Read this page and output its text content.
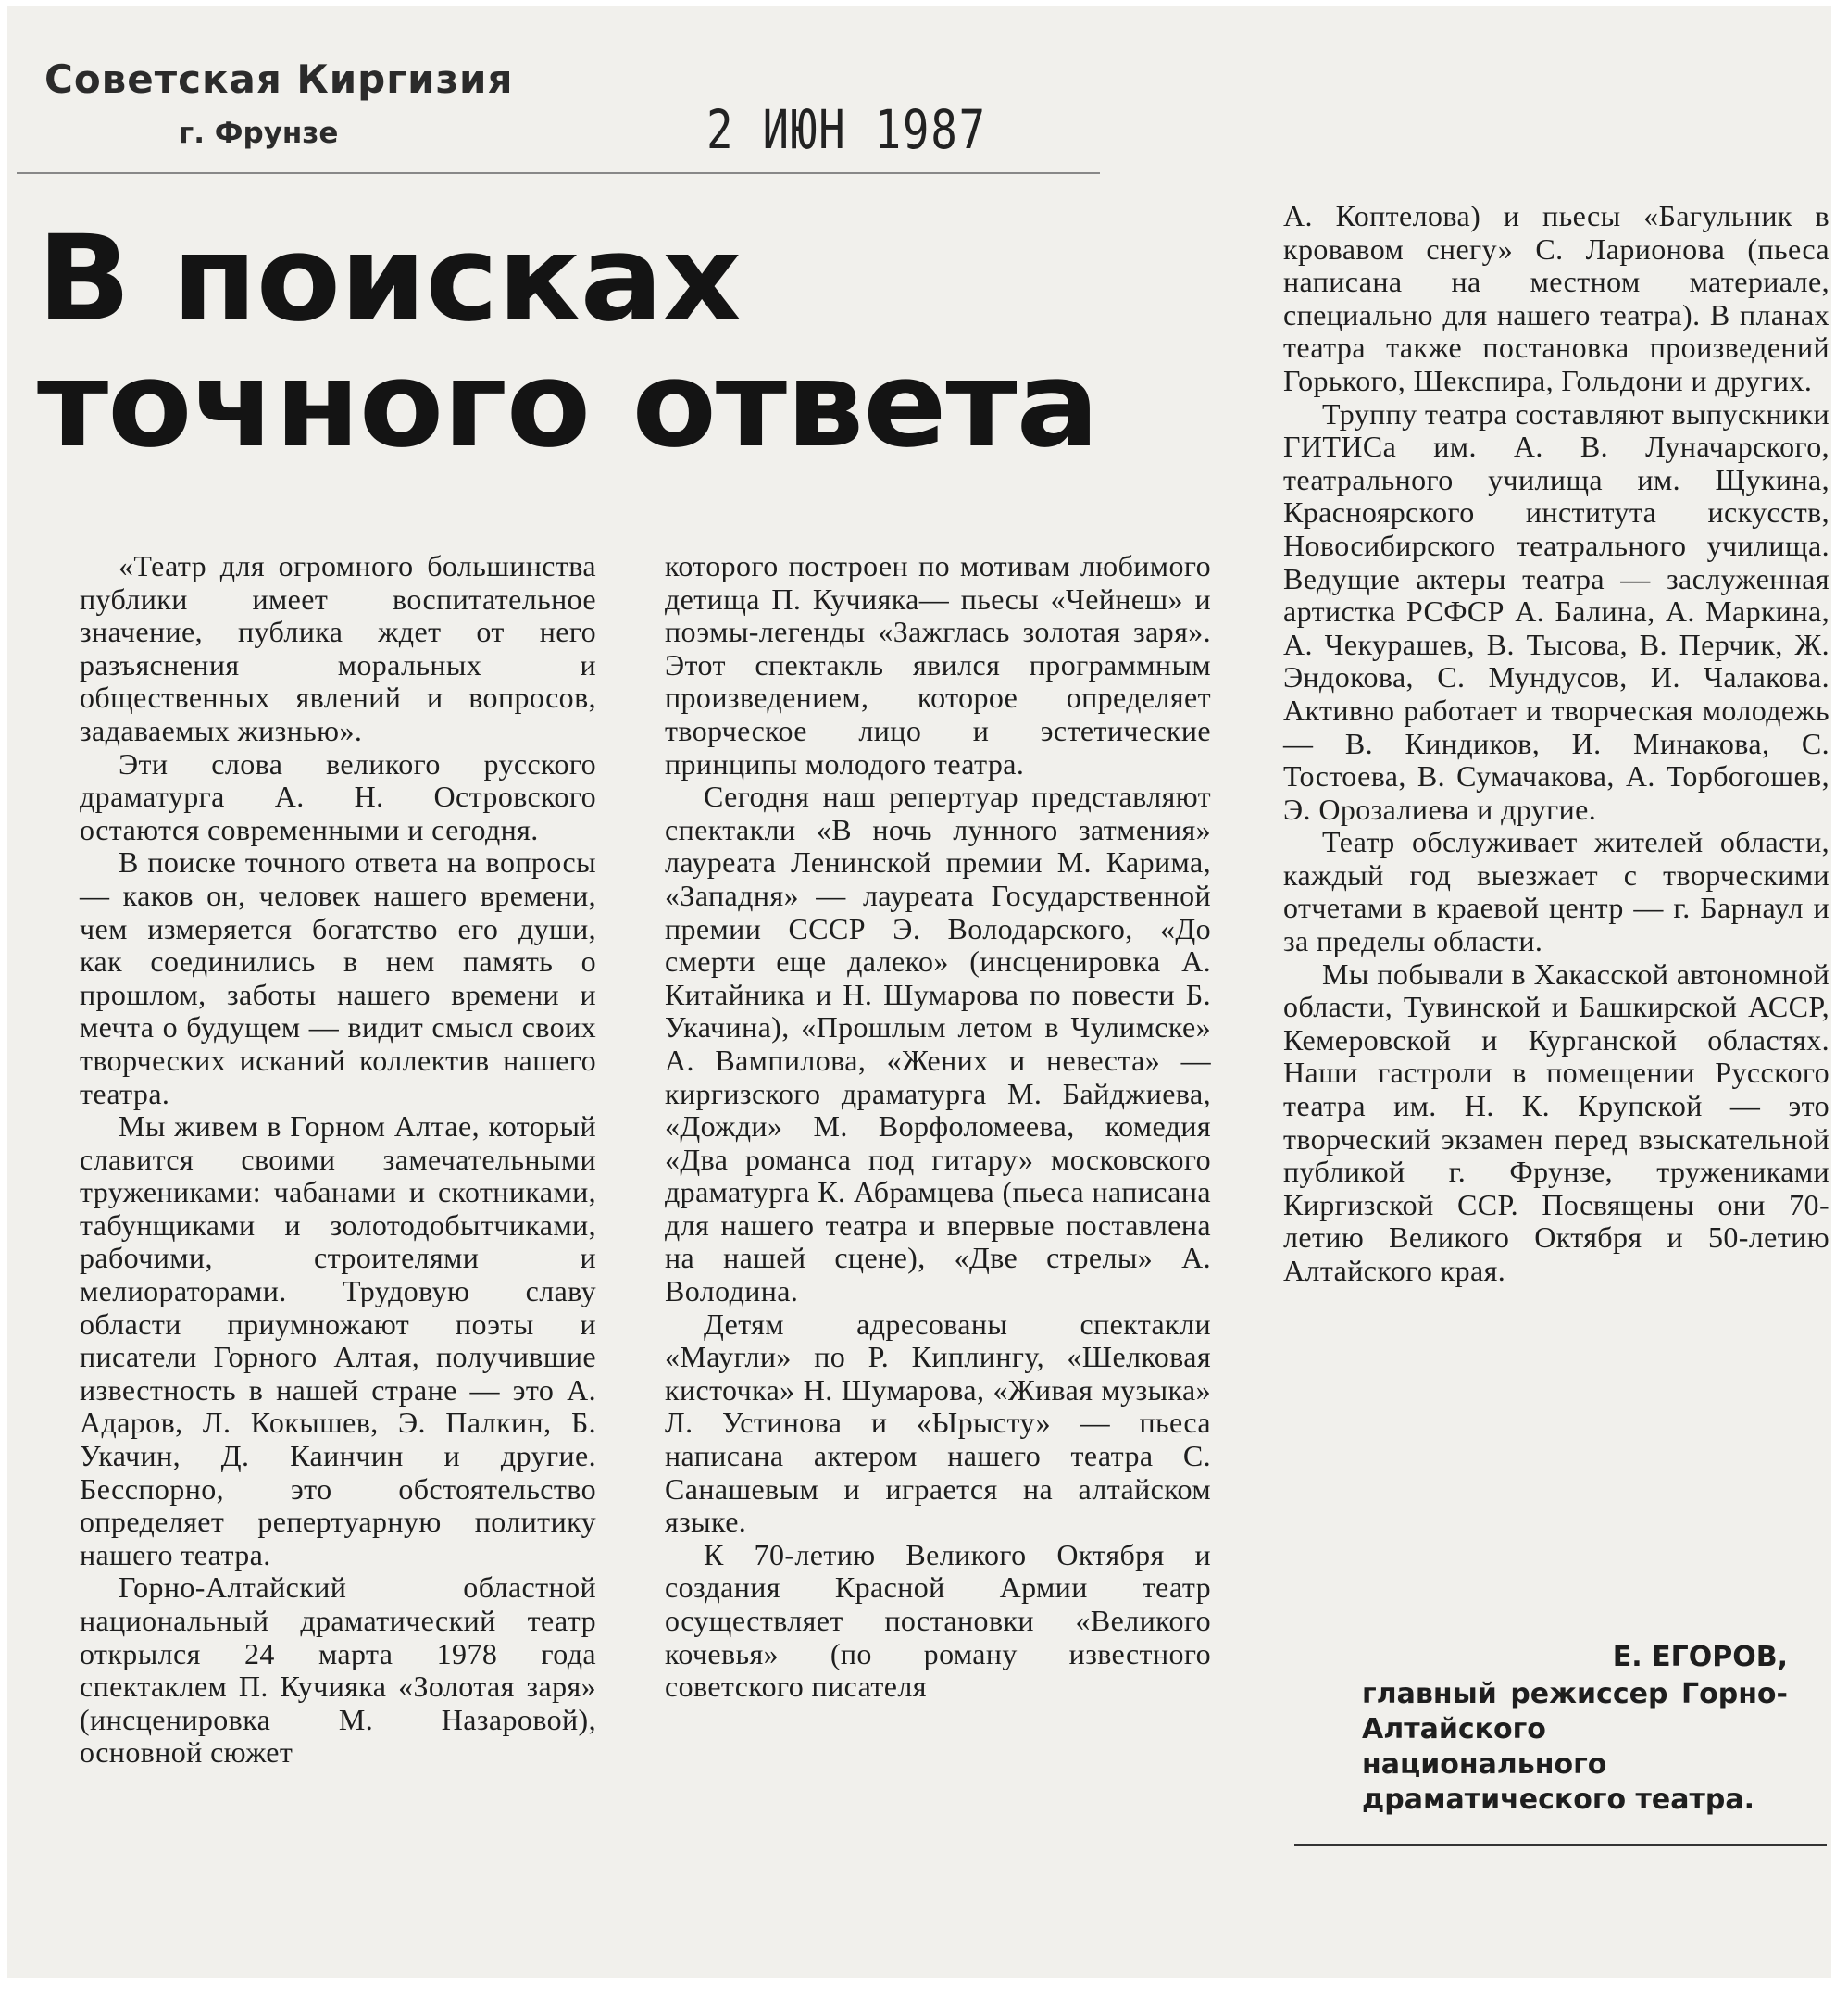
Советская Киргизия
г. Фрунзе	2 ИЮН 1987
В поисках
точного ответа

«Театр для огромного большинства публики имеет воспитательное значение, публика ждет от него разъяснения моральных и общественных явлений и вопросов, задаваемых жизнью».

Эти слова великого русского драматурга А. Н. Островского остаются современными и сегодня.

В поиске точного ответа на вопросы — каков он, человек нашего времени, чем измеряется богатство его души, как соединились в нем память о прошлом, заботы нашего времени и мечта о будущем — видит смысл своих творческих исканий коллектив нашего театра.

Мы живем в Горном Алтае, который славится своими замечательными тружениками: чабанами и скотниками, табунщиками и золотодобытчиками, рабочими, строителями и мелиораторами. Трудовую славу области приумножают поэты и писатели Горного Алтая, получившие известность в нашей стране — это А. Адаров, Л. Кокышев, Э. Палкин, Б. Укачин, Д. Каинчин и другие. Бесспорно, это обстоятельство определяет репертуарную политику нашего театра.

Горно-Алтайский областной национальный драматический театр открылся 24 марта 1978 года спектаклем П. Кучияка «Золотая заря» (инсценировка М. Назаровой), основной сюжет

которого построен по мотивам любимого детища П. Кучияка— пьесы «Чейнеш» и поэмы-легенды «Зажглась золотая заря». Этот спектакль явился программным произведением, которое определяет творческое лицо и эстетические принципы молодого театра.

Сегодня наш репертуар представляют спектакли «В ночь лунного затмения» лауреата Ленинской премии М. Карима, «Западня» — лауреата Государственной премии СССР Э. Володарского, «До смерти еще далеко» (инсценировка А. Китайника и Н. Шумарова по повести Б. Укачина), «Прошлым летом в Чулимске» А. Вампилова, «Жених и невеста» — киргизского драматурга М. Байджиева, «Дожди» М. Ворфоломеева, комедия «Два романса под гитару» московского драматурга К. Абрамцева (пьеса написана для нашего театра и впервые поставлена на нашей сцене), «Две стрелы» А. Володина.

Детям адресованы спектакли «Маугли» по Р. Киплингу, «Шелковая кисточка» Н. Шумарова, «Живая музыка» Л. Устинова и «Ырысту» — пьеса написана актером нашего театра С. Санашевым и играется на алтайском языке.

К 70-летию Великого Октября и создания Красной Армии театр осуществляет постановки «Великого кочевья» (по роману известного советского писателя

А. Коптелова) и пьесы «Багульник в кровавом снегу» С. Ларионова (пьеса написана на местном материале, специально для нашего театра). В планах театра также постановка произведений Горького, Шекспира, Гольдони и других.

Труппу театра составляют выпускники ГИТИСа им. А. В. Луначарского, театрального училища им. Щукина, Красноярского института искусств, Новосибирского театрального училища. Ведущие актеры театра — заслуженная артистка РСФСР А. Балина, А. Маркина, А. Чекурашев, В. Тысова, В. Перчик, Ж. Эндокова, С. Мундусов, И. Чалакова. Активно работает и творческая молодежь — В. Киндиков, И. Минакова, С. Тостоева, В. Сумачакова, А. Торбогошев, Э. Орозалиева и другие.

Театр обслуживает жителей области, каждый год выезжает с творческими отчетами в краевой центр — г. Барнаул и за пределы области.

Мы побывали в Хакасской автономной области, Тувинской и Башкирской АССР, Кемеровской и Курганской областях. Наши гастроли в помещении Русского театра им. Н. К. Крупской — это творческий экзамен перед взыскательной публикой г. Фрунзе, тружениками Киргизской ССР. Посвящены они 70-летию Великого Октября и 50-летию Алтайского края.

Е. ЕГОРОВ,
главный режиссер Горно-Алтайского национального драматического театра.
